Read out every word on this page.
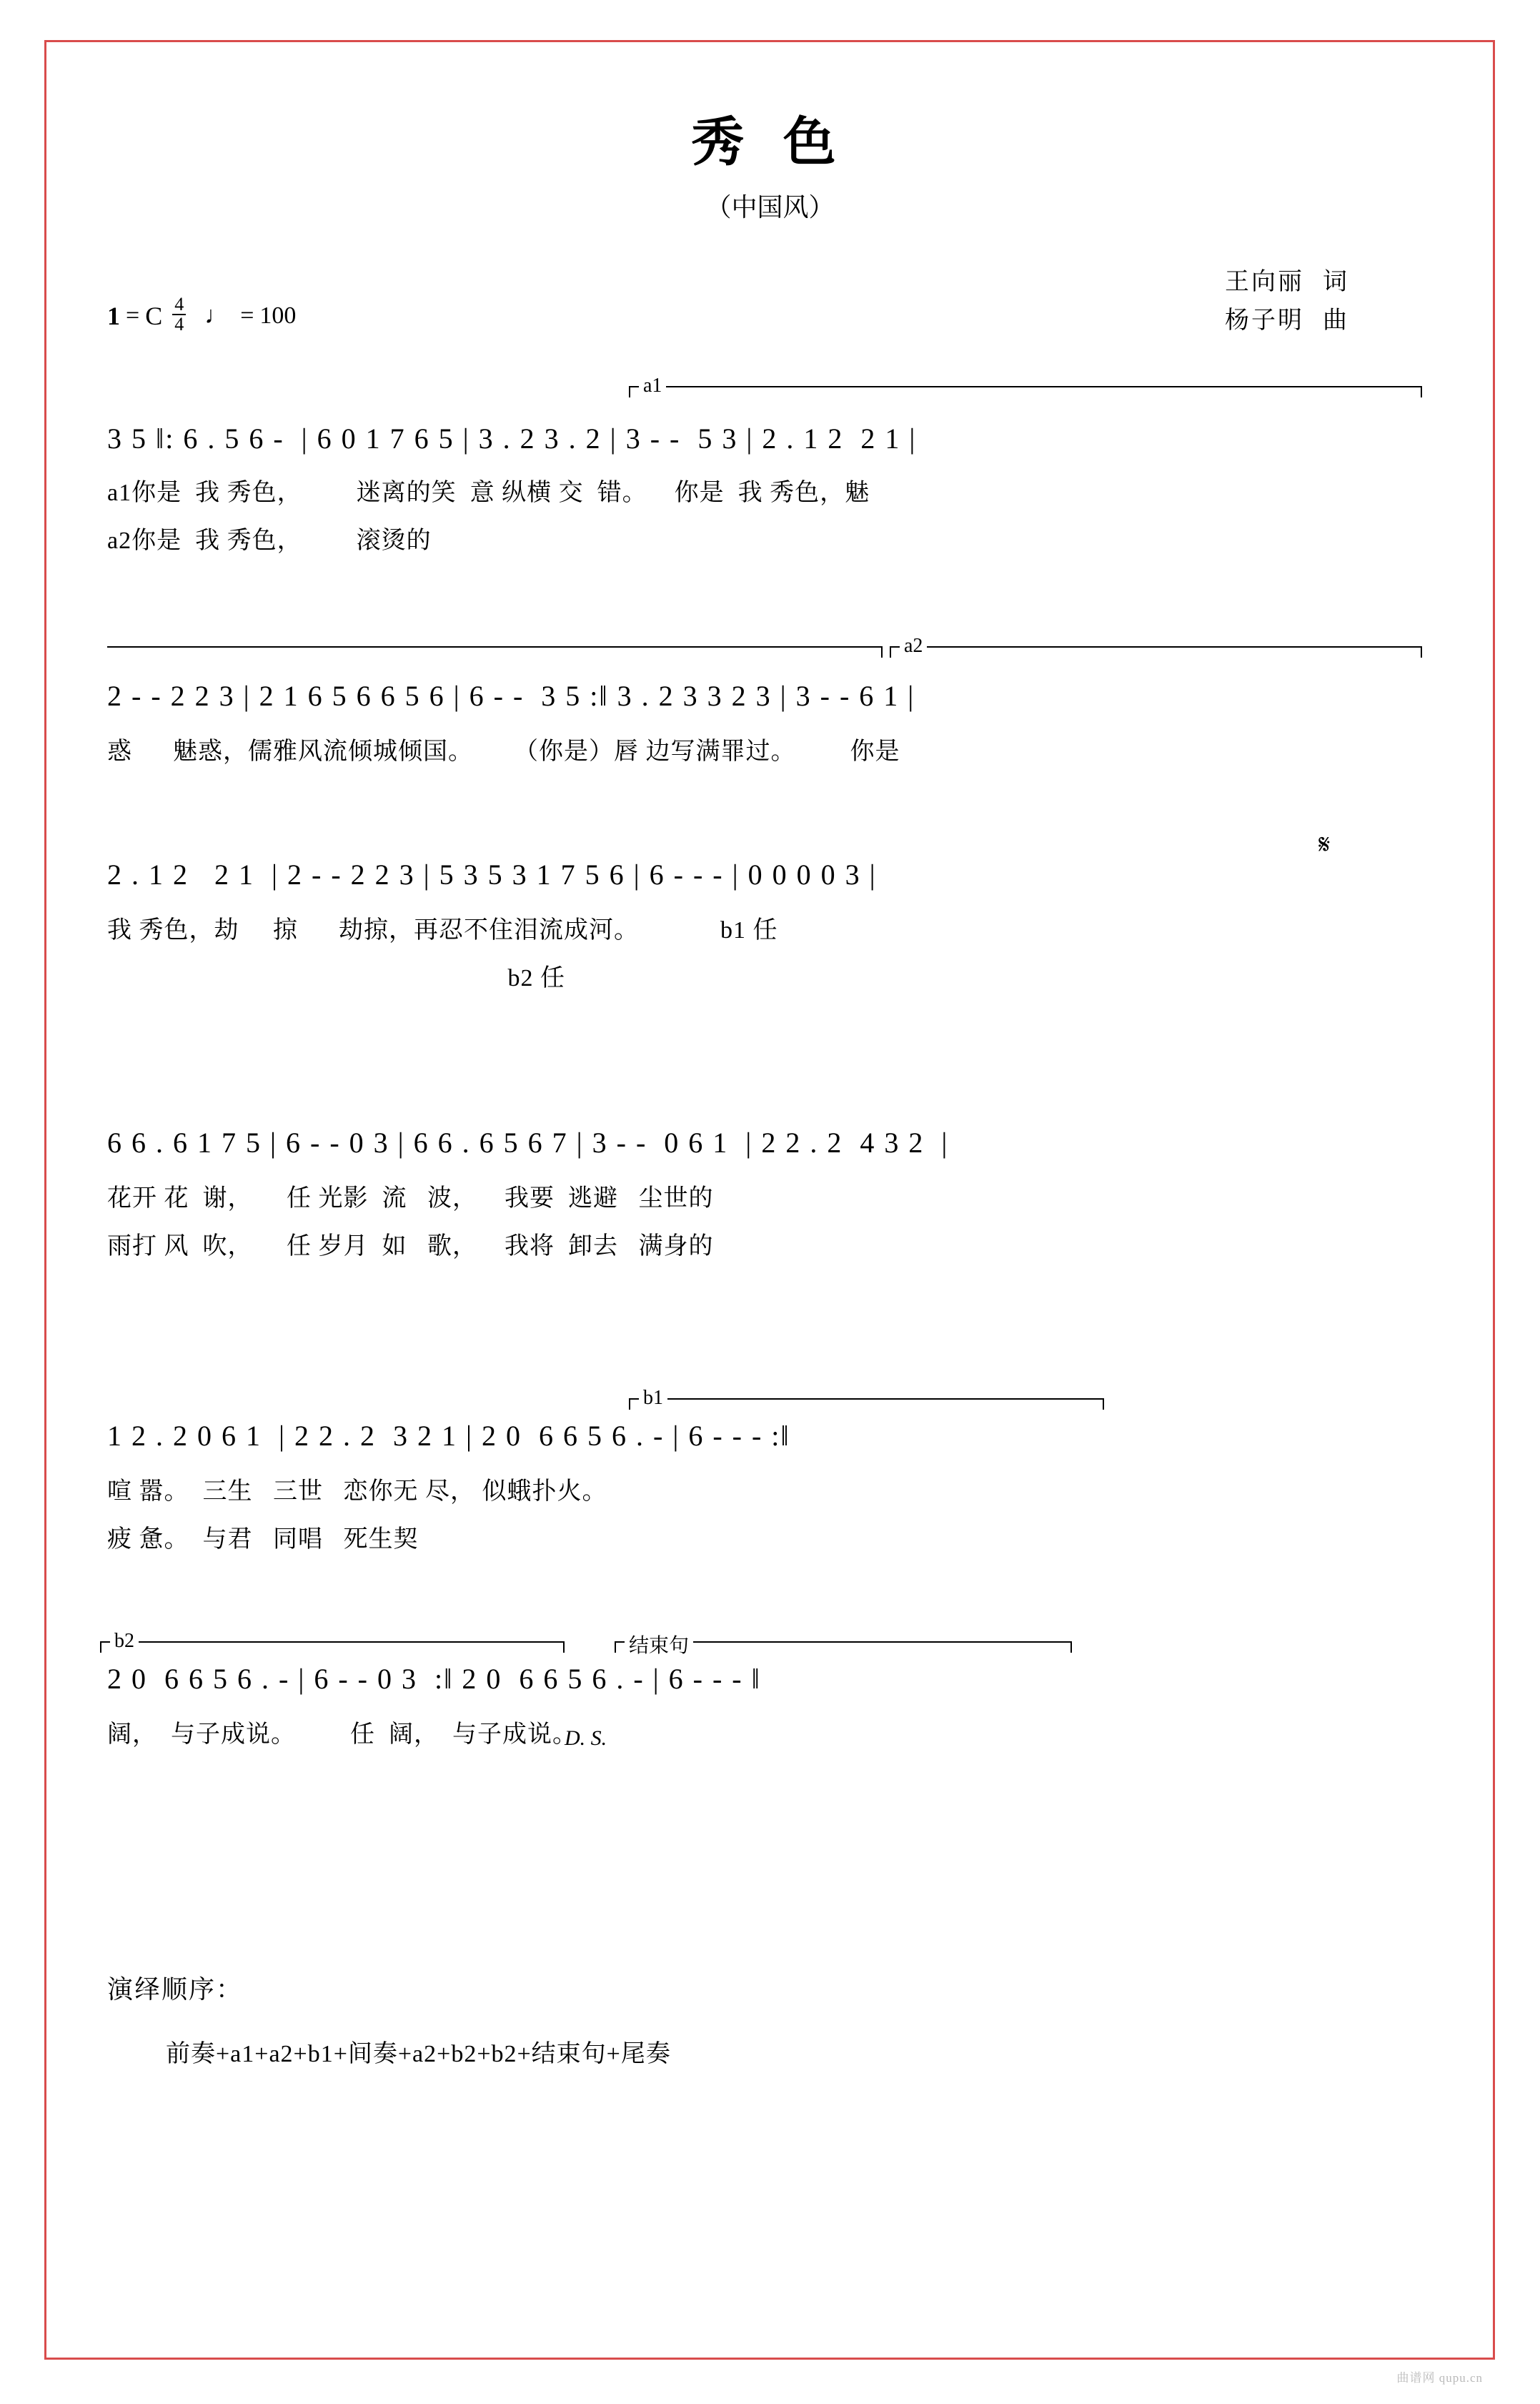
秀 色
（中国风）
王向丽 词
杨子明 曲
1 = C $\frac{4}{4}$ ♩ = 100
a1
3 5 ‖: 6 . 5 6 -  | 6 0 1 7 6 5 | 3 . 2 3 . 2 | 3 - -  5 3 | 2 . 1 2  2 1 |
a1你是  我 秀色，        迷离的笑  意 纵横 交  错。    你是  我 秀色，魅
a2你是  我 秀色，        滚烫的
a2
2 - - 2 2 3 | 2 1 6 5 6 6 5 6 | 6 - -  3 5 :‖ 3 . 2 3 3 2 3 | 3 - - 6 1 |
惑      魅惑，儒雅风流倾城倾国。      （你是）唇 边写满罪过。        你是
𝄋
2 . 1 2   2 1  | 2 - - 2 2 3 | 5 3 5 3 1 7 5 6 | 6 - - - | 0 0 0 0 3 |
我 秀色，劫     掠      劫掠，再忍不住泪流成河。            b1 任
b2 任
6 6 . 6 1 7 5 | 6 - - 0 3 | 6 6 . 6 5 6 7 | 3 - -  0 6 1  | 2 2 . 2  4 3 2  |
花开 花  谢，     任 光影  流   波，    我要  逃避   尘世的
雨打 风  吹，     任 岁月  如   歌，    我将  卸去   满身的
b1
1 2 . 2 0 6 1  | 2 2 . 2  3 2 1 | 2 0  6 6 5 6 . - | 6 - - - :‖
喧 嚣。  三生   三世   恋你无 尽， 似蛾扑火。
疲 惫。  与君   同唱   死生契
b2	结束句
2 0  6 6 5 6 . - | 6 - - 0 3  :‖ 2 0  6 6 5 6 . - | 6 - - - ‖
阔，  与子成说。        任  阔，  与子成说。
D. S.
演绎顺序：
前奏+a1+a2+b1+间奏+a2+b2+b2+结束句+尾奏
曲谱网 qupu.cn
